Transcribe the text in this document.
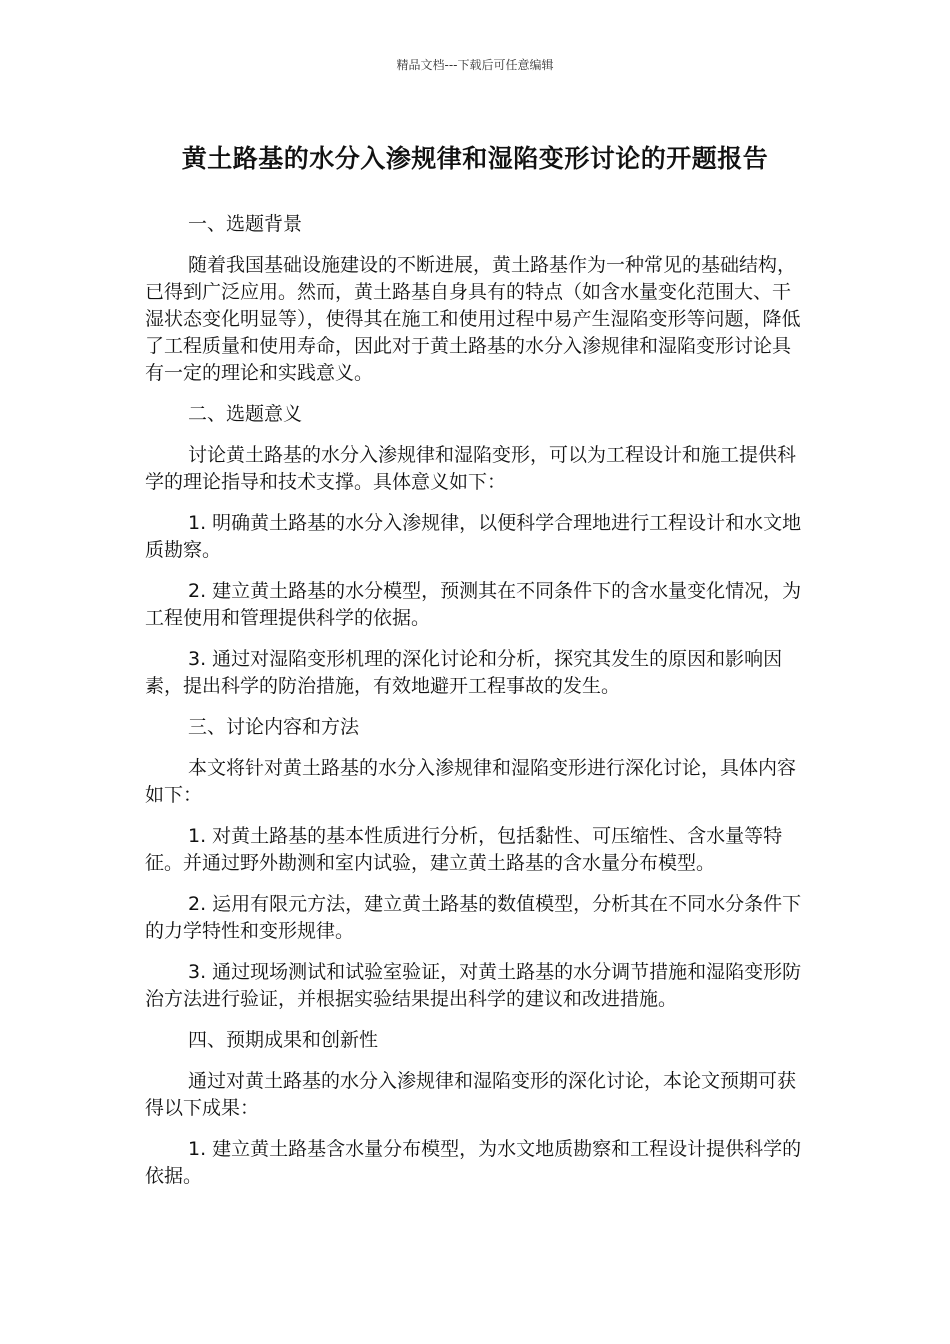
精品文档---下载后可任意编辑
黄土路基的水分入渗规律和湿陷变形讨论的开题报告

一、选题背景

随着我国基础设施建设的不断进展，黄土路基作为一种常见的基础结构，已得到广泛应用。然而，黄土路基自身具有的特点（如含水量变化范围大、干湿状态变化明显等），使得其在施工和使用过程中易产生湿陷变形等问题，降低了工程质量和使用寿命，因此对于黄土路基的水分入渗规律和湿陷变形讨论具有一定的理论和实践意义。

二、选题意义

讨论黄土路基的水分入渗规律和湿陷变形，可以为工程设计和施工提供科学的理论指导和技术支撑。具体意义如下：

1. 明确黄土路基的水分入渗规律，以便科学合理地进行工程设计和水文地质勘察。

2. 建立黄土路基的水分模型，预测其在不同条件下的含水量变化情况，为工程使用和管理提供科学的依据。

3. 通过对湿陷变形机理的深化讨论和分析，探究其发生的原因和影响因素，提出科学的防治措施，有效地避开工程事故的发生。

三、讨论内容和方法

本文将针对黄土路基的水分入渗规律和湿陷变形进行深化讨论，具体内容如下：

1. 对黄土路基的基本性质进行分析，包括黏性、可压缩性、含水量等特征。并通过野外勘测和室内试验，建立黄土路基的含水量分布模型。

2. 运用有限元方法，建立黄土路基的数值模型，分析其在不同水分条件下的力学特性和变形规律。

3. 通过现场测试和试验室验证，对黄土路基的水分调节措施和湿陷变形防治方法进行验证，并根据实验结果提出科学的建议和改进措施。

四、预期成果和创新性

通过对黄土路基的水分入渗规律和湿陷变形的深化讨论，本论文预期可获得以下成果：

1. 建立黄土路基含水量分布模型，为水文地质勘察和工程设计提供科学的依据。
